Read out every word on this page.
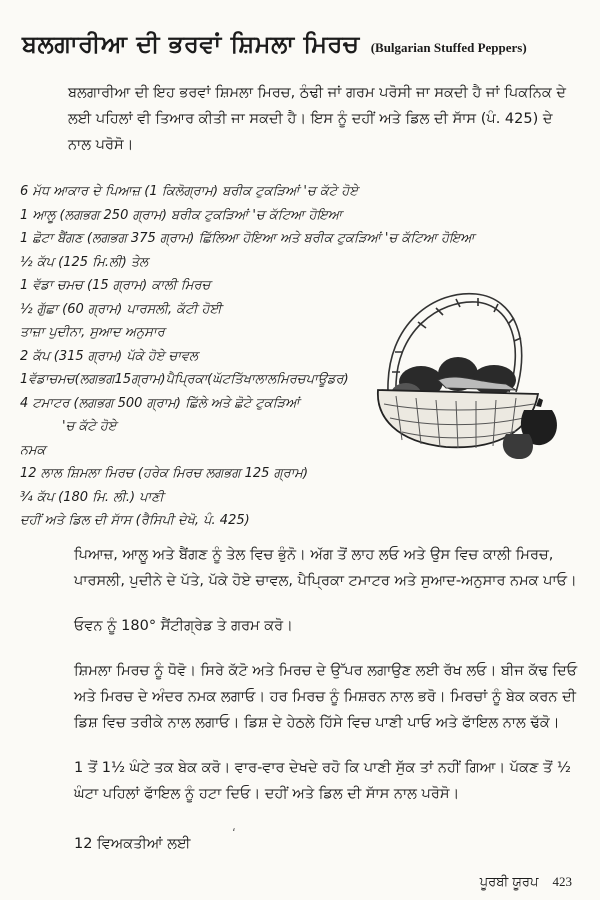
ਬਲਗਾਰੀਆ ਦੀ ਭਰਵਾਂ ਸ਼ਿਮਲਾ ਮਿਰਚ (Bulgarian Stuffed Peppers)
ਬਲਗਾਰੀਆ ਦੀ ਇਹ ਭਰਵਾਂ ਸ਼ਿਮਲਾ ਮਿਰਚ, ਠੰਢੀ ਜਾਂ ਗਰਮ ਪਰੋਸੀ ਜਾ ਸਕਦੀ ਹੈ ਜਾਂ ਪਿਕਨਿਕ ਦੇ ਲਈ ਪਹਿਲਾਂ ਵੀ ਤਿਆਰ ਕੀਤੀ ਜਾ ਸਕਦੀ ਹੈ। ਇਸ ਨੂੰ ਦਹੀਂ ਅਤੇ ਡਿਲ ਦੀ ਸਾੱਸ (ਪੰ. 425) ਦੇ ਨਾਲ ਪਰੋਸੋ।
6 ਮੱਧ ਆਕਾਰ ਦੇ ਪਿਆਜ਼ (1 ਕਿਲੋਗ੍ਰਾਮ) ਬਰੀਕ ਟੁਕੜਿਆਂ 'ਚ ਕੱਟੇ ਹੋਏ
1 ਆਲੂ (ਲਗਭਗ 250 ਗ੍ਰਾਮ) ਬਰੀਕ ਟੁਕੜਿਆਂ 'ਚ ਕੱਟਿਆ ਹੋਇਆ
1 ਛੋਟਾ ਬੈਂਗਣ (ਲਗਭਗ 375 ਗ੍ਰਾਮ) ਛਿੱਲਿਆ ਹੋਇਆ ਅਤੇ ਬਰੀਕ ਟੁਕੜਿਆਂ 'ਚ ਕੱਟਿਆ ਹੋਇਆ
½ ਕੱਪ (125 ਮਿ.ਲੀ) ਤੇਲ
1 ਵੱਡਾ ਚਮਚ (15 ਗ੍ਰਾਮ) ਕਾਲੀ ਮਿਰਚ
½ ਗੁੱਛਾ (60 ਗ੍ਰਾਮ) ਪਾਰਸਲੀ, ਕੱਟੀ ਹੋਈ
ਤਾਜ਼ਾ ਪੁਦੀਨਾ, ਸੁਆਦ ਅਨੁਸਾਰ
2 ਕੱਪ (315 ਗ੍ਰਾਮ) ਪੱਕੇ ਹੋਏ ਚਾਵਲ
1ਵੱਡਾਚਮਚ(ਲਗਭਗ15ਗ੍ਰਾਮ)ਪੈਪ੍ਰਿਕਾ(ਘੱਟਤਿੱਖਾਲਾਲਮਿਰਚਪਾਊਡਰ)
4 ਟਮਾਟਰ (ਲਗਭਗ 500 ਗ੍ਰਾਮ) ਛਿੱਲੇ ਅਤੇ ਛੋਟੇ ਟੁਕੜਿਆਂ
'ਚ ਕੱਟੇ ਹੋਏ
ਨਮਕ
12 ਲਾਲ ਸ਼ਿਮਲਾ ਮਿਰਚ (ਹਰੇਕ ਮਿਰਚ ਲਗਭਗ 125 ਗ੍ਰਾਮ)
¾ ਕੱਪ (180 ਮਿ. ਲੀ.) ਪਾਣੀ
ਦਹੀਂ ਅਤੇ ਡਿਲ ਦੀ ਸਾੱਸ (ਰੈਸਿਪੀ ਦੇਖੋ, ਪੰ. 425)

ਪਿਆਜ਼, ਆਲੂ ਅਤੇ ਬੈਂਗਣ ਨੂੰ ਤੇਲ ਵਿਚ ਭੁੰਨੋ। ਅੱਗ ਤੋਂ ਲਾਹ ਲਓ ਅਤੇ ਉਸ ਵਿਚ ਕਾਲੀ ਮਿਰਚ, ਪਾਰਸਲੀ, ਪੁਦੀਨੇ ਦੇ ਪੱਤੇ, ਪੱਕੇ ਹੋਏ ਚਾਵਲ, ਪੈਪ੍ਰਿਕਾ ਟਮਾਟਰ ਅਤੇ ਸੁਆਦ-ਅਨੁਸਾਰ ਨਮਕ ਪਾਓ।

ਓਵਨ ਨੂੰ 180° ਸੈਂਟੀਗ੍ਰੇਡ ਤੇ ਗਰਮ ਕਰੋ।

ਸ਼ਿਮਲਾ ਮਿਰਚ ਨੂੰ ਧੋਵੋ। ਸਿਰੇ ਕੱਟੋ ਅਤੇ ਮਿਰਚ ਦੇ ਉੱਪਰ ਲਗਾਉਣ ਲਈ ਰੱਖ ਲਓ। ਬੀਜ ਕੱਢ ਦਿਓ ਅਤੇ ਮਿਰਚ ਦੇ ਅੰਦਰ ਨਮਕ ਲਗਾਓ। ਹਰ ਮਿਰਚ ਨੂੰ ਮਿਸ਼ਰਨ ਨਾਲ ਭਰੋ। ਮਿਰਚਾਂ ਨੂੰ ਬੇਕ ਕਰਨ ਦੀ ਡਿਸ਼ ਵਿਚ ਤਰੀਕੇ ਨਾਲ ਲਗਾਓ। ਡਿਸ਼ ਦੇ ਹੇਠਲੇ ਹਿੱਸੇ ਵਿਚ ਪਾਣੀ ਪਾਓ ਅਤੇ ਫਾੱਇਲ ਨਾਲ ਢੱਕੋ।

1 ਤੋਂ 1½ ਘੰਟੇ ਤਕ ਬੇਕ ਕਰੋ। ਵਾਰ-ਵਾਰ ਦੇਖਦੇ ਰਹੋ ਕਿ ਪਾਣੀ ਸੁੱਕ ਤਾਂ ਨਹੀਂ ਗਿਆ। ਪੱਕਣ ਤੋਂ ½ ਘੰਟਾ ਪਹਿਲਾਂ ਫਾੱਇਲ ਨੂੰ ਹਟਾ ਦਿਓ। ਦਹੀਂ ਅਤੇ ਡਿਲ ਦੀ ਸਾੱਸ ਨਾਲ ਪਰੋਸੋ।

12 ਵਿਅਕਤੀਆਂ ਲਈ
ʻ
ਪੂਰਬੀ ਯੂਰਪ 423
